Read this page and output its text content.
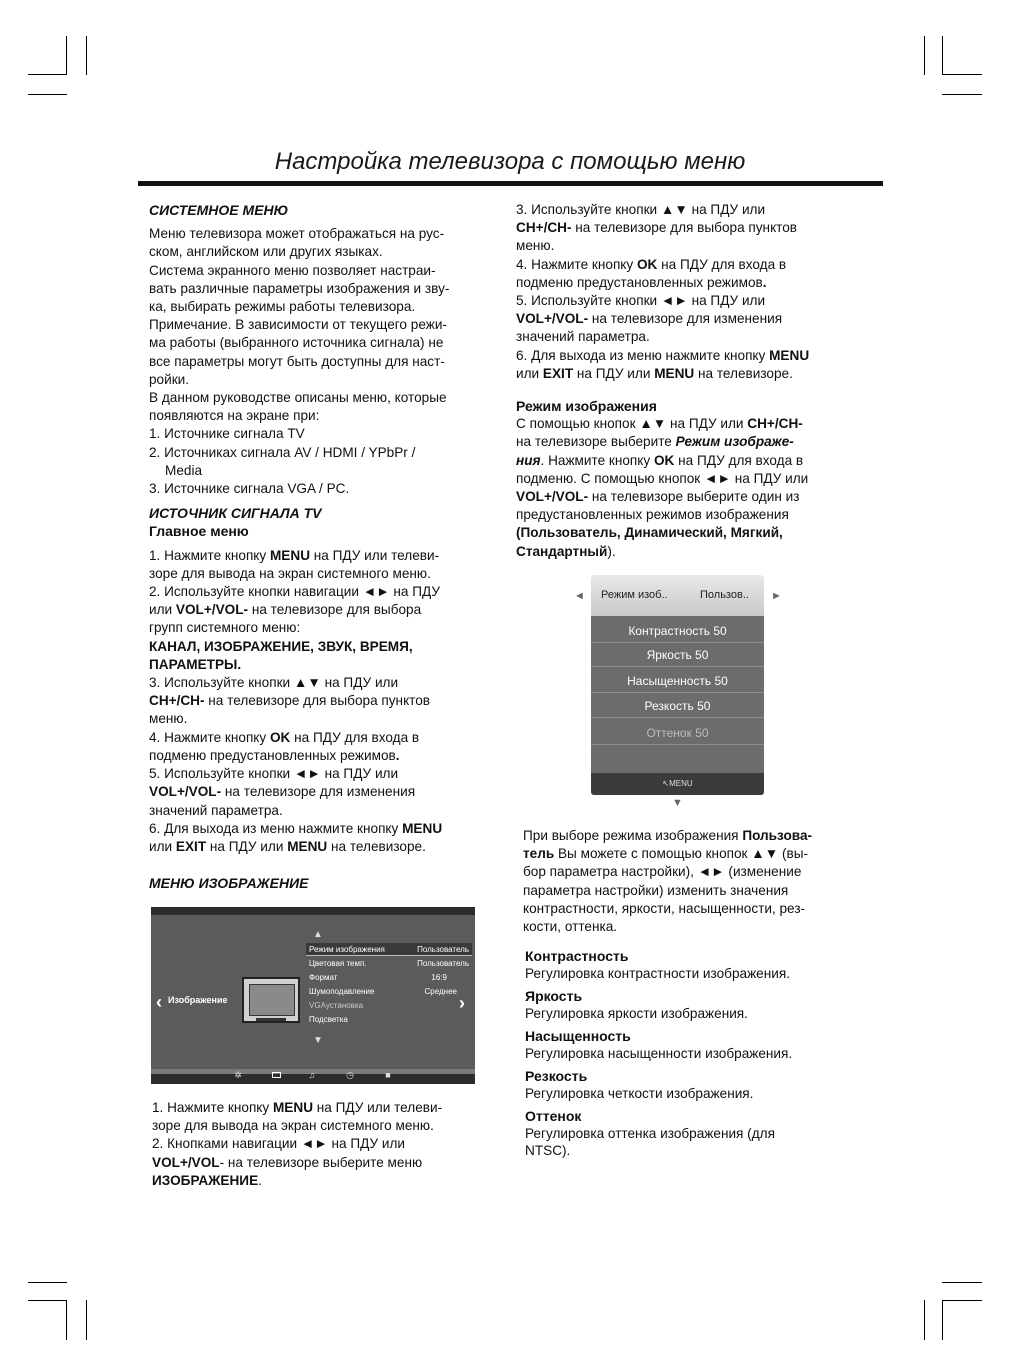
Настройка телевизора с помощью меню

СИСТЕМНОЕ МЕНЮ

Меню телевизора может отображаться на рус-

ском, английском или других языках.

Система экранного меню позволяет настраи-

вать различные параметры изображения и зву-

ка, выбирать режимы работы телевизора.

Примечание. В зависимости от текущего режи-

ма работы (выбранного источника сигнала) не

все параметры могут быть доступны для наст-

ройки.

В данном руководстве описаны меню, которые

появляются на экране при:

1. Источнике сигнала TV

2. Источниках сигнала AV / HDMI / YPbPr /

Media

3. Источнике сигнала VGA / PC.

ИСТОЧНИК СИГНАЛА TV

Главное меню

1. Нажмите кнопку MENU на ПДУ или телеви-

зоре для вывода на экран системного меню.

2. Используйте кнопки навигации ◄► на ПДУ

или VOL+/VOL- на телевизоре для выбора

групп системного меню:

КАНАЛ, ИЗОБРАЖЕНИЕ, ЗВУК, ВРЕМЯ,

ПАРАМЕТРЫ.

3. Используйте кнопки ▲▼ на ПДУ или

CH+/CH- на телевизоре для выбора пунктов

меню.

4. Нажмите кнопку OK на ПДУ для входа в

подменю предустановленных режимов.

5. Используйте кнопки ◄► на ПДУ или

VOL+/VOL- на телевизоре для изменения

значений параметра.

6. Для выхода из меню нажмите кнопку MENU

или EXIT на ПДУ или MENU на телевизоре.

МЕНЮ ИЗОБРАЖЕНИЕ

‹ Изображение
▲
Режим изображения	Пользователь
Цветовая темп.	Пользователь
Формат	16:9
Шумоподавление	Среднее
VGAустановка
Подсветка
▼
›
✲	♫	◷	■

1. Нажмите кнопку MENU на ПДУ или телеви-

зоре для вывода на экран системного меню.

2. Кнопками навигации ◄► на ПДУ или

VOL+/VOL- на телевизоре выберите меню

ИЗОБРАЖЕНИЕ.

3. Используйте кнопки ▲▼ на ПДУ или

CH+/CH- на телевизоре для выбора пунктов

меню.

4. Нажмите кнопку OK на ПДУ для входа в

подменю предустановленных режимов.

5. Используйте кнопки ◄► на ПДУ или

VOL+/VOL- на телевизоре для изменения

значений параметра.

6. Для выхода из меню нажмите кнопку MENU

или EXIT на ПДУ или MENU на телевизоре.

Режим изображения

С помощью кнопок ▲▼ на ПДУ или CH+/CH-

на телевизоре выберите Режим изображе-

ния. Нажмите кнопку OK на ПДУ для входа в

подменю. С помощью кнопок ◄► на ПДУ или

VOL+/VOL- на телевизоре выберите один из

предустановленных режимов изображения

(Пользователь, Динамический, Мягкий,

Стандартный).

◄	►
Режим изоб..	Пользов..
Контрастность 50
Яркость 50
Насыщенность 50
Резкость 50
Оттенок 50
↖MENU
▼

При выборе режима изображения Пользова-

тель Вы можете с помощью кнопок ▲▼ (вы-

бор параметра настройки), ◄► (изменение

параметра настройки) изменить значения

контрастности, яркости, насыщенности, рез-

кости, оттенка.

Контрастность

Регулировка контрастности изображения.

Яркость

Регулировка яркости изображения.

Насыщенность

Регулировка насыщенности изображения.

Резкость

Регулировка четкости изображения.

Оттенок

Регулировка оттенка изображения (для

NTSC).
